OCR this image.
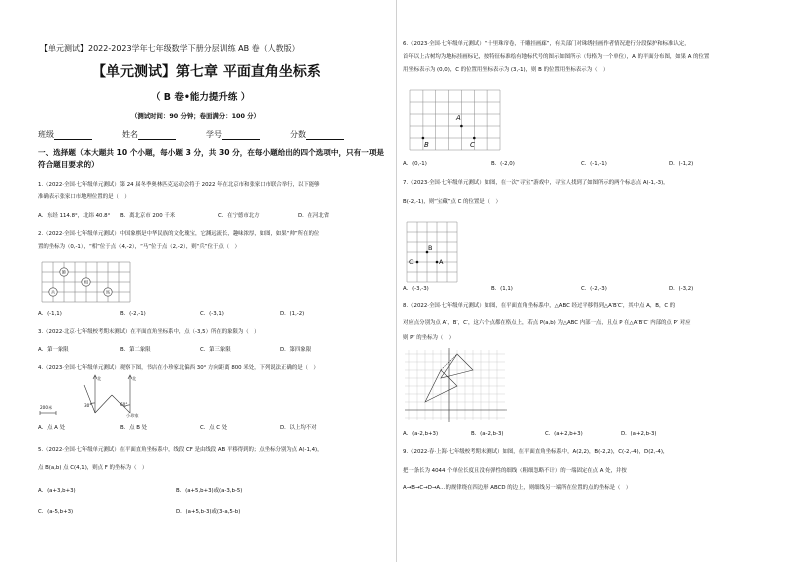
【单元测试】2022-2023学年七年级数学下册分层训练 AB 卷（人教版）
【单元测试】第七章 平面直角坐标系
（ B 卷•能力提升练 ）
（测试时间：90 分钟；卷面满分：100 分）
班级	姓名	学号	分数
一、选择题（本大题共 10 个小题，每小题 3 分，共 30 分，在每小题给出的四个选项中，只有一项是
符合题目要求的）
1.（2022·全国·七年级单元测试）第 24 届冬季奥林匹克运动会将于 2022 年在北京市和张家口市联合举行，以下能够
准确表示张家口市地理位置的是（　）
A．东经 114.8°，北纬 40.8° B．离北京市 200 千米	C．在宁德市北方	D．在河北省
2.（2022·全国·七年级单元测试）中国象棋是中华民族的文化瑰宝，它渊远流长，趣味浓厚，如图，如果“帅”所在的位
置的坐标为（0,-1），“相”位于点（4,-2），“马”位于点（2,-2），则“兵”位于点（　）
帥
相
兵	馬
A．(-1,1)	B．(-2,-1)	C．(-3,1)	D．(1,-2)
3.（2022·北京·七年级校考期末测试）在平面直角坐标系中，点（-3,5）所在的象限为（　）
A．第一象限	B．第二象限	C．第三象限	D．第四象限
4.（2023·全国·七年级单元测试）观察下图，书店在小珍家北偏西 30° 方向距离 800 米处，下列说法正确的是（　）
北	北
200米	30°	60°
小珍家
A．点 A 处	B．点 B 处	C．点 C 处	D．以上均不对
5.（2022·全国·七年级单元测试）在平面直角坐标系中，线段 CF 是由线段 AB 平移得到的；点坐标分别为点 A(-1,4)，
点 B(a,b) 点 C(4,1)，则点 F 的坐标为（　）
A．(a+3,b+3)	B．(a+5,b+3)或(a-3,b-5)
C．(a-5,b+3)	D．(a+5,b-3)或(3-a,5-b)
6.（2023·全国·七年级单元测试）“十里珠帘卷，千雕挂画廊”，有关部门对珠绣挂画作者情况进行分段保护和标准认定，
首年以上古树均为地标挂画标记，按特征标准绘有地标代号的图示如图所示（每格为一个单位），A 的平面分布图，如果 A 的位置
用坐标表示为 (0,0)，C 的位置用坐标表示为 (3,-1)，则 B 的位置用坐标表示为（　）
A
B	C
A．(0,-1)	B．(-2,0)	C．(-1,-1)	D．(-1,2)
7.（2023·全国·七年级单元测试）如图，在一次“寻宝”游戏中，寻宝人找到了如图所示的两个标志点 A(-1,-3)，
B(-2,-1)，则“宝藏”点 C 的位置是（　）
A
B
C
A．(-3,-3)	B．(1,1)	C．(-2,-3)	D．(-3,2)
8.（2022·全国·七年级单元测试）如图，在平面直角坐标系中，△ABC 经过平移得到△A′B′C′，其中点 A，B，C 的
对应点分别为点 A′，B′，C′，这六个点都在格点上，若点 P(a,b) 为△ABC 内部一点，且点 P 在△A′B′C′ 内部的点 P′ 对应
则 P′ 的坐标为（　）
A．(a-2,b+3)	B．(a-2,b-3)	C．(a+2,b+3)	D．(a+2,b-3)
9.（2022·春·上海·七年级校考期末测试）如图，在平面直角坐标系中，A(2,2)，B(-2,2)，C(-2,-4)，D(2,-4)，
把一条长为 4044 个单位长度且没有弹性的细线（粗细忽略不计）的一端固定在点 A 处，并按
A→B→C→D→A…的规律绕在四边形 ABCD 的边上，则细线另一端所在位置的点的坐标是（　）
